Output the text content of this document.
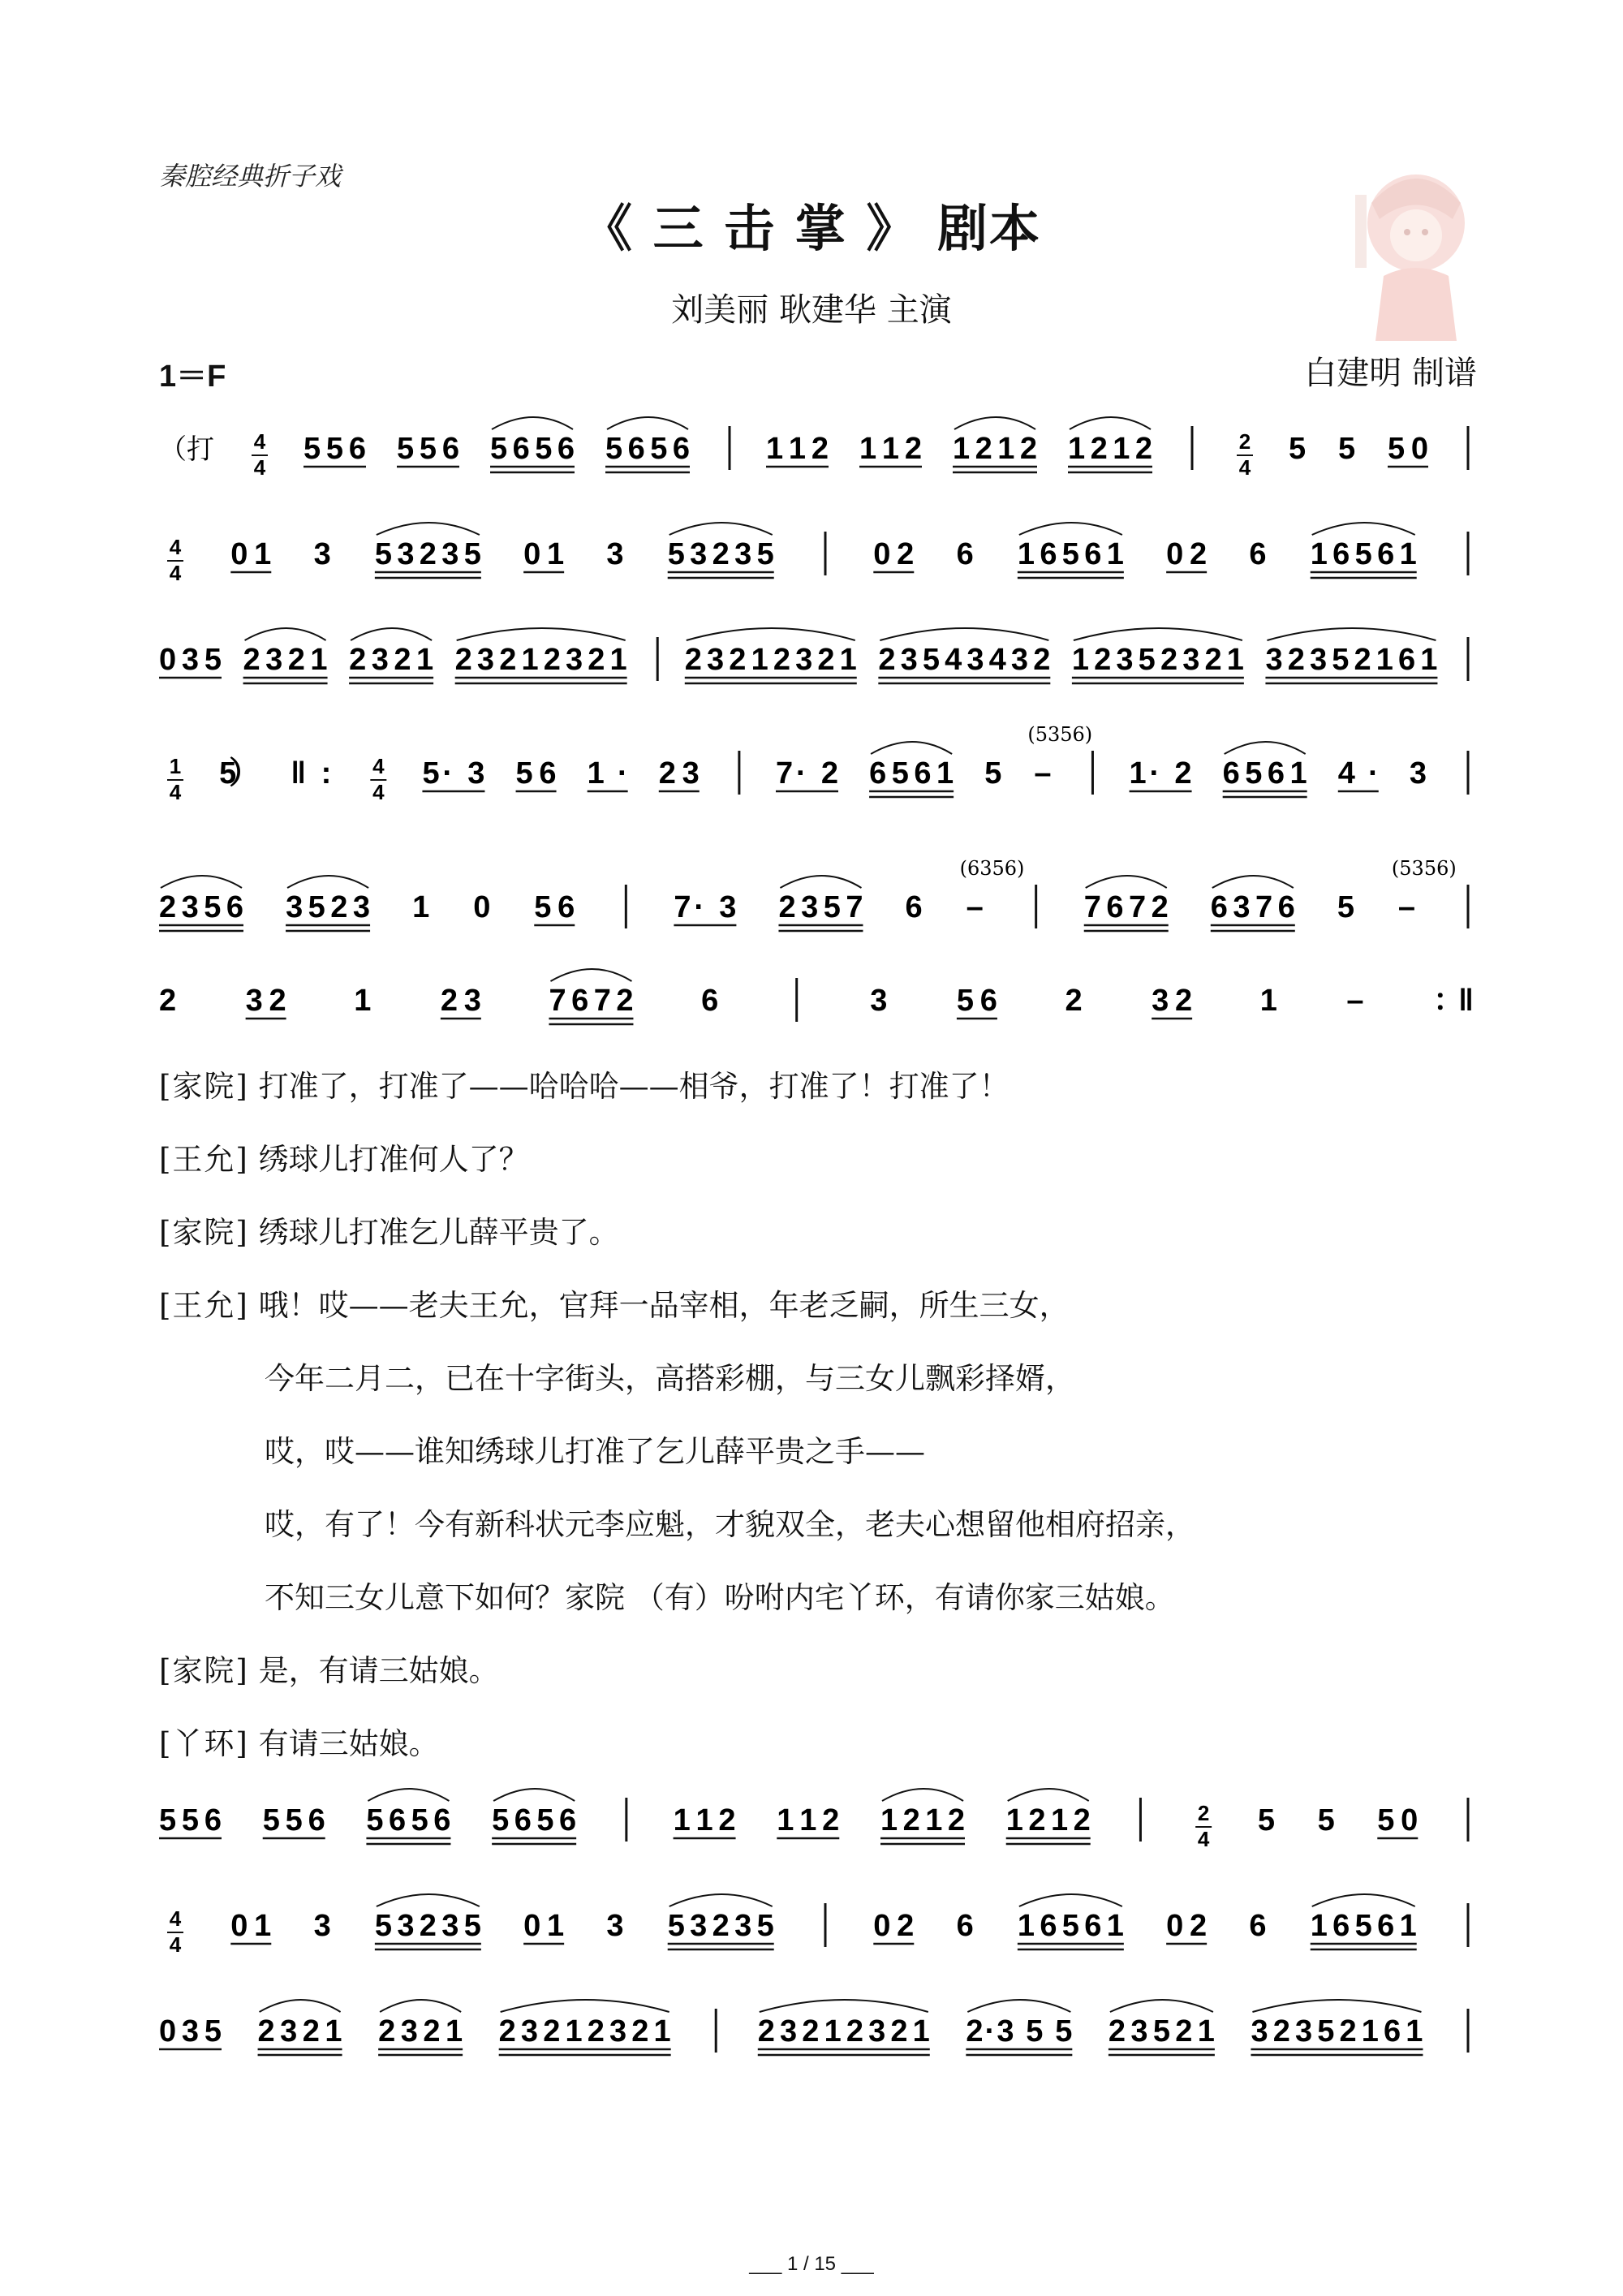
秦腔经典折子戏
《 三 击 掌 》 剧本
刘美丽 耿建华 主演
1＝F	白建明 制谱
（打 4
4
5 5 6 5 5 6 5 6 5 6 5 6 5 6 1 1 2 1 1 2 1 2 1 2 1 2 1 2	2
4
5 5 5 0
4
4
0 1 3 5 3 2 3 5 0 1 3 5 3 2 3 5	0 2 6 1 6 5 6 1 0 2 6 1 6 5 6 1
0 3 5 2 3 2 1 2 3 2 1 2 3 2 1 2 3 2 1 2 3 2 1 2 3 2 1 2 3 5 4 3 4 3 2 1 2 3 5 2 3 2 1 3 2 3 5 2 1 6 1
1
4
5） ‖: 4
4
5· 3 5 6 1· 2 3 7· 2 6 5 6 1 5 –
(5356)
1· 2 6 5 6 1 4· 3
2 3 5 6 3 5 2 3 1 0 5 6	7· 3 2 3 5 7 6 –
(6356)
7 6 7 2 6 3 7 6 5 –
(5356)
2 3 2 1 2 3 7 6 7 2 6	3 5 6 2 3 2 1 – ：‖
5 5 6 5 5 6 5 6 5 6 5 6 5 6	1 1 2 1 1 2 1 2 1 2 1 2 1 2	2
4
5 5 5 0
4
4
0 1 3 5 3 2 3 5 0 1 3 5 3 2 3 5	0 2 6 1 6 5 6 1 0 2 6 1 6 5 6 1
0 3 5 2 3 2 1 2 3 2 1 2 3 2 1 2 3 2 1	2 3 2 1 2 3 2 1 2·3 5 5 2 3 5 2 1 3 2 3 5 2 1 6 1
[家院] 打准了，打准了——哈哈哈——相爷，打准了！打准了！
[王允] 绣球儿打准何人了？
[家院] 绣球儿打准乞儿薛平贵了。
[王允] 哦！哎——老夫王允，官拜一品宰相，年老乏嗣，所生三女，
今年二月二，已在十字街头，高搭彩棚，与三女儿飘彩择婿，
哎，哎——谁知绣球儿打准了乞儿薛平贵之手——
哎，有了！今有新科状元李应魁，才貌双全，老夫心想留他相府招亲，
不知三女儿意下如何？家院 （有）吩咐内宅丫环，有请你家三姑娘。
[家院] 是，有请三姑娘。
[丫环] 有请三姑娘。
___ 1 / 15 ___
